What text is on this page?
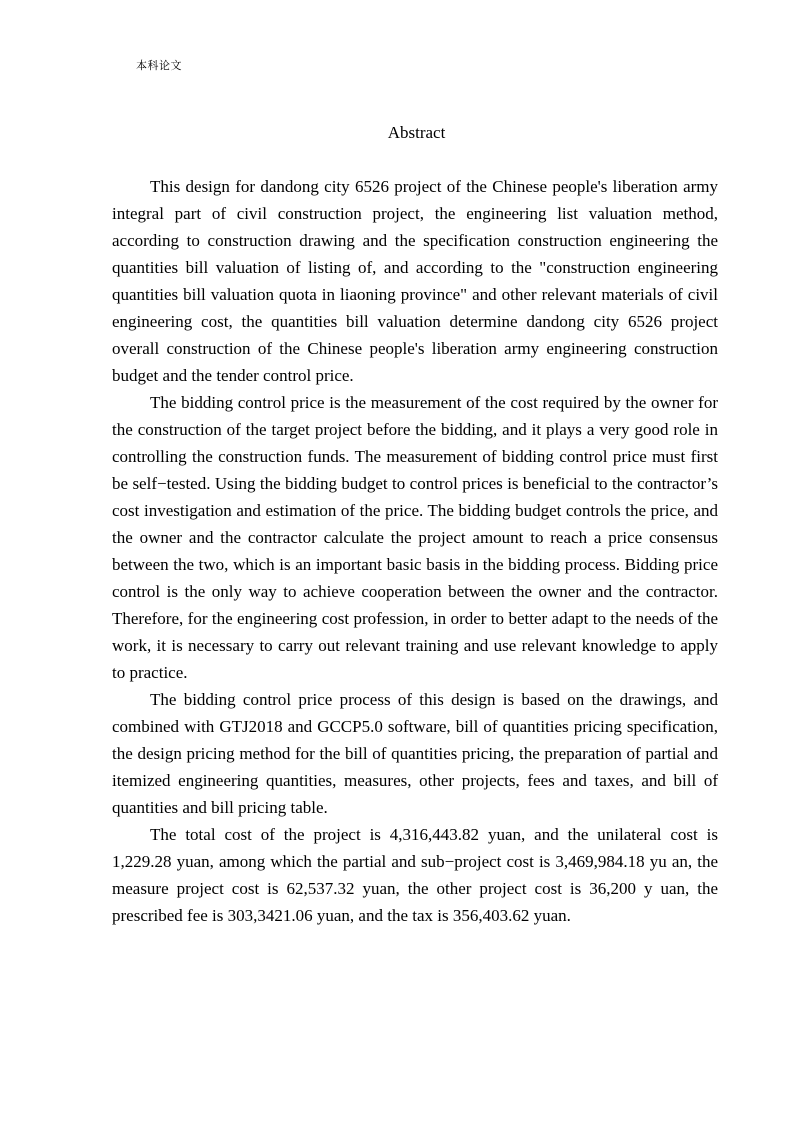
本科论文
Abstract

This design for dandong city 6526 project of the Chinese people's liberation army integral part of civil construction project, the engineering list valuation method, according to construction drawing and the specification construction engineering the quantities bill valuation of listing of, and according to the "construction engineering quantities bill valuation quota in liaoning province" and other relevant materials of civil engineering cost, the quantities bill valuation determine dandong city 6526 project overall construction of the Chinese people's liberation army engineering construction budget and the tender control price.

The bidding control price is the measurement of the cost required by the owner for the construction of the target project before the bidding, and it plays a very good role in controlling the construction funds. The measurement of bidding control price must first be self−tested. Using the bidding budget to control prices is beneficial to the contractor’s cost investigation and estimation of the price. The bidding budget controls the price, and the owner and the contractor calculate the project amount to reach a price consensus between the two, which is an important basic basis in the bidding process. Bidding price control is the only way to achieve cooperation between the owner and the contractor. Therefore, for the engineering cost profession, in order to better adapt to the needs of the work, it is necessary to carry out relevant training and use relevant knowledge to apply to practice.

The bidding control price process of this design is based on the drawings, and combined with GTJ2018 and GCCP5.0 software, bill of quantities pricing specification, the design pricing method for the bill of quantities pricing, the preparation of partial and itemized engineering quantities, measures, other projects, fees and taxes, and bill of quantities and bill pricing table.

The total cost of the project is 4,316,443.82 yuan, and the unilateral cost is 1,229.28 yuan, among which the partial and sub−project cost is 3,469,984.18 yu an, the measure project cost is 62,537.32 yuan, the other project cost is 36,200 y uan, the prescribed fee is 303,3421.06 yuan, and the tax is 356,403.62 yuan.
